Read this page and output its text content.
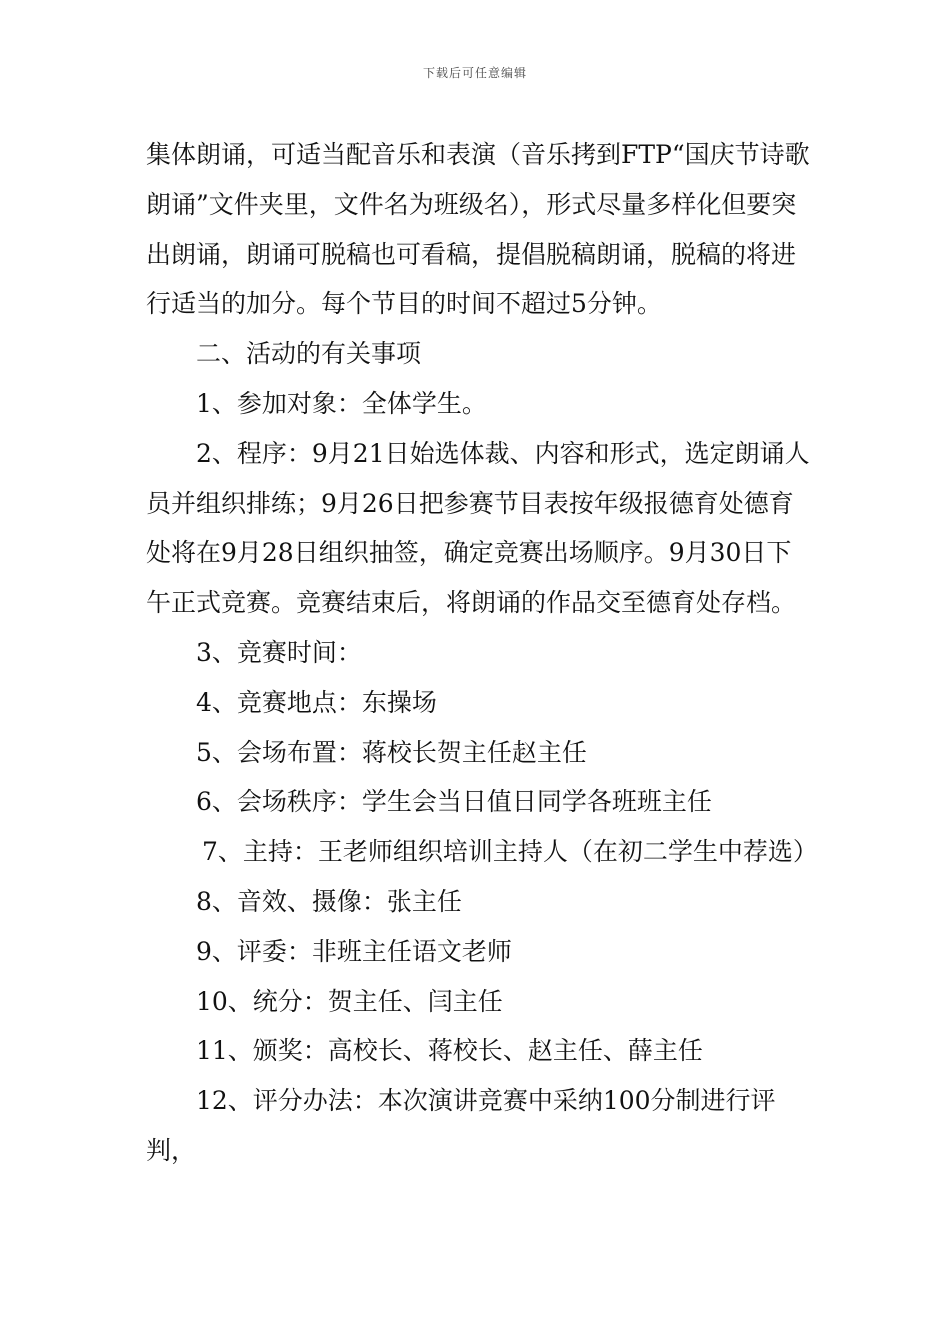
下载后可任意编辑

集体朗诵，可适当配音乐和表演（音乐拷到FTP“国庆节诗歌朗诵”文件夹里，文件名为班级名），形式尽量多样化但要突出朗诵，朗诵可脱稿也可看稿，提倡脱稿朗诵，脱稿的将进行适当的加分。每个节目的时间不超过5分钟。

二、活动的有关事项

1、参加对象：全体学生。

2、程序：9月21日始选体裁、内容和形式，选定朗诵人员并组织排练；9月26日把参赛节目表按年级报德育处德育处将在9月28日组织抽签，确定竞赛出场顺序。9月30日下午正式竞赛。竞赛结束后，将朗诵的作品交至德育处存档。

3、竞赛时间：

4、竞赛地点：东操场

5、会场布置：蒋校长贺主任赵主任

6、会场秩序：学生会当日值日同学各班班主任

7、主持：王老师组织培训主持人（在初二学生中荐选）

8、音效、摄像：张主任

9、评委：非班主任语文老师

10、统分：贺主任、闫主任

11、颁奖：高校长、蒋校长、赵主任、薛主任

12、评分办法：本次演讲竞赛中采纳100分制进行评判，
